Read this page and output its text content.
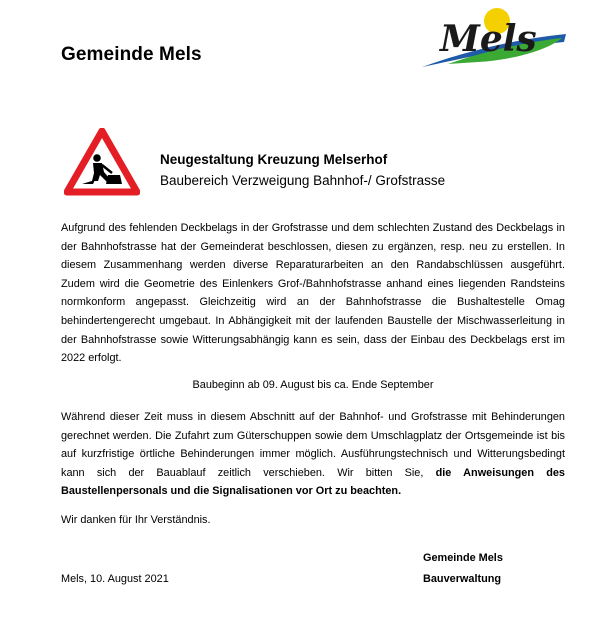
Gemeinde Mels	Mels
Neugestaltung Kreuzung Melserhof
Baubereich Verzweigung Bahnhof-/ Grofstrasse
Aufgrund des fehlenden Deckbelags in der Grofstrasse und dem schlechten Zustand des Deckbelags in der Bahnhofstrasse hat der Gemeinderat beschlossen, diesen zu ergänzen, resp. neu zu erstellen. In diesem Zusammenhang werden diverse Reparaturarbeiten an den Randabschlüssen ausgeführt. Zudem wird die Geometrie des Einlenkers Grof-/Bahnhofstrasse anhand eines liegenden Randsteins normkonform angepasst. Gleichzeitig wird an der Bahnhofstrasse die Bushaltestelle Omag behindertengerecht umgebaut. In Abhängigkeit mit der laufenden Baustelle der Mischwasserleitung in der Bahnhofstrasse sowie Witterungsabhängig kann es sein, dass der Einbau des Deckbelags erst im 2022 erfolgt.
Baubeginn ab 09. August bis ca. Ende September
Während dieser Zeit muss in diesem Abschnitt auf der Bahnhof- und Grofstrasse mit Behinderungen gerechnet werden. Die Zufahrt zum Güterschuppen sowie dem Umschlagplatz der Ortsgemeinde ist bis auf kurzfristige örtliche Behinderungen immer möglich. Ausführungstechnisch und Witterungsbedingt kann sich der Bauablauf zeitlich verschieben. Wir bitten Sie, die Anweisungen des Baustellenpersonals und die Signalisationen vor Ort zu beachten.
Wir danken für Ihr Verständnis.
Mels, 10. August 2021
Gemeinde Mels
Bauverwaltung
